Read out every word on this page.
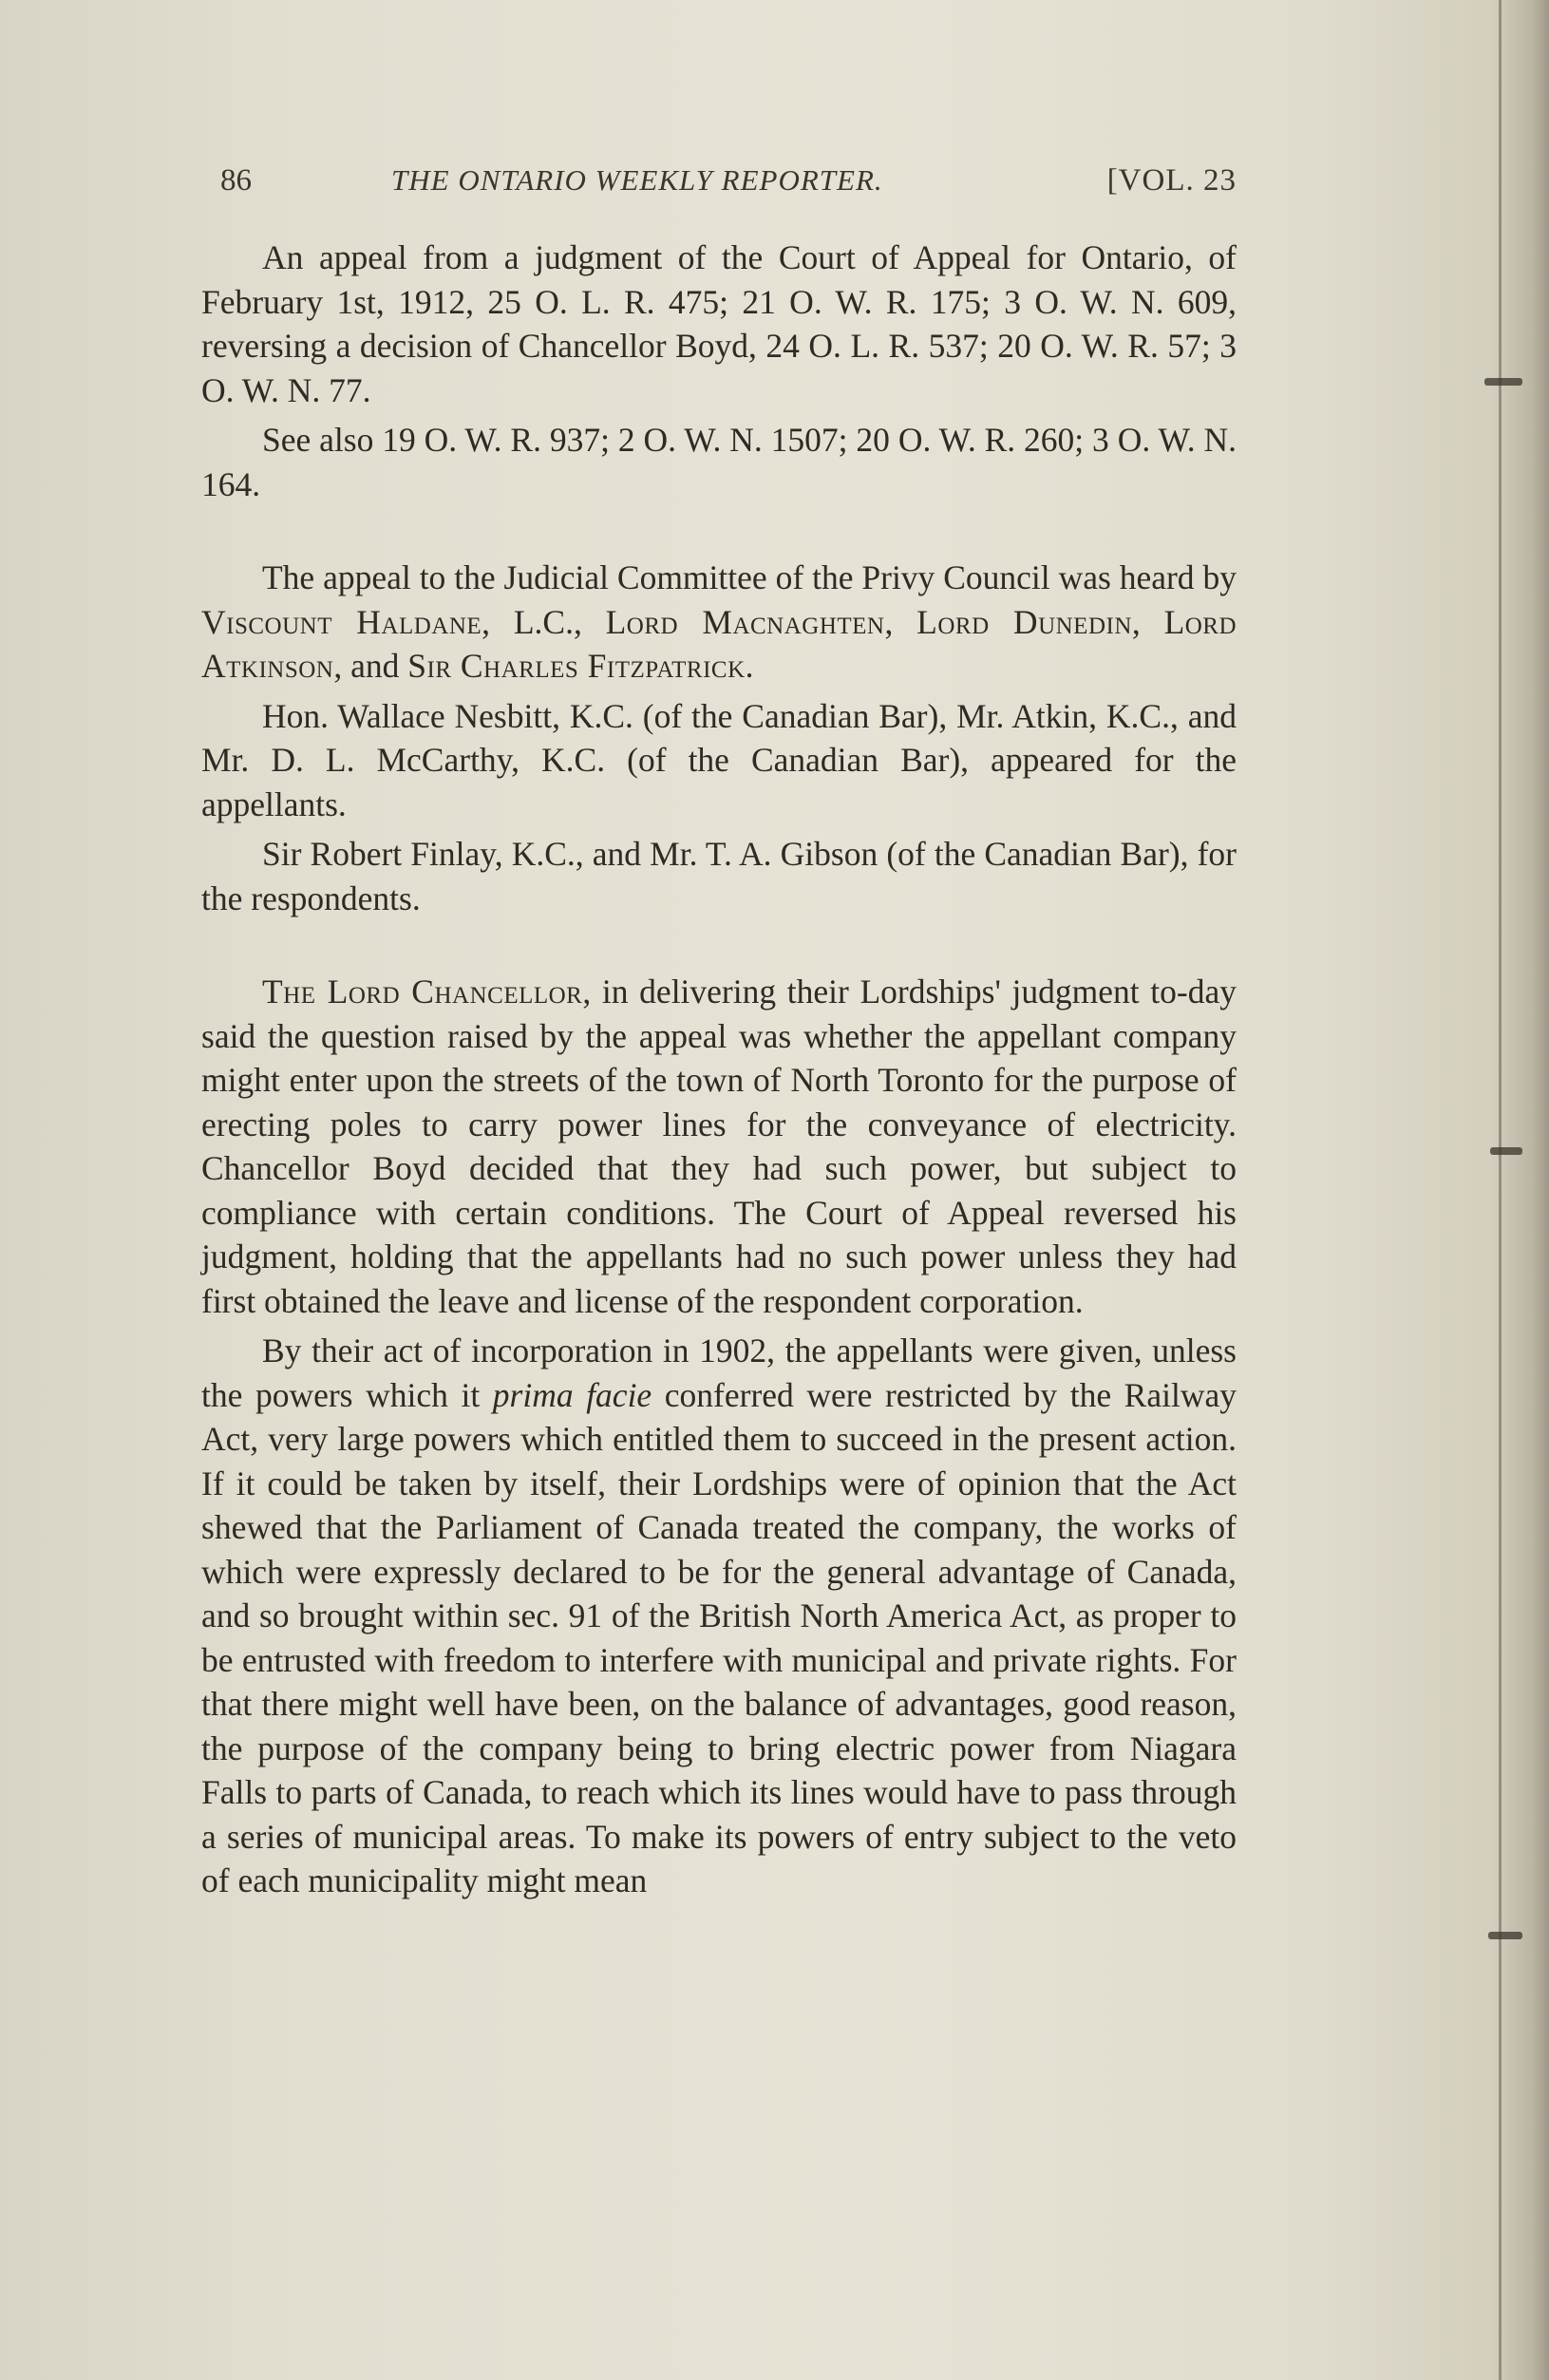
86	THE ONTARIO WEEKLY REPORTER.	[VOL. 23

An appeal from a judgment of the Court of Appeal for Ontario, of February 1st, 1912, 25 O. L. R. 475; 21 O. W. R. 175; 3 O. W. N. 609, reversing a decision of Chancellor Boyd, 24 O. L. R. 537; 20 O. W. R. 57; 3 O. W. N. 77.

See also 19 O. W. R. 937; 2 O. W. N. 1507; 20 O. W. R. 260; 3 O. W. N. 164.

The appeal to the Judicial Committee of the Privy Council was heard by Viscount Haldane, L.C., Lord Macnaghten, Lord Dunedin, Lord Atkinson, and Sir Charles Fitzpatrick.

Hon. Wallace Nesbitt, K.C. (of the Canadian Bar), Mr. Atkin, K.C., and Mr. D. L. McCarthy, K.C. (of the Canadian Bar), appeared for the appellants.

Sir Robert Finlay, K.C., and Mr. T. A. Gibson (of the Canadian Bar), for the respondents.

The Lord Chancellor, in delivering their Lordships' judgment to-day said the question raised by the appeal was whether the appellant company might enter upon the streets of the town of North Toronto for the purpose of erecting poles to carry power lines for the conveyance of electricity. Chancellor Boyd decided that they had such power, but subject to compliance with certain conditions. The Court of Appeal reversed his judgment, holding that the appellants had no such power unless they had first obtained the leave and license of the respondent corporation.

By their act of incorporation in 1902, the appellants were given, unless the powers which it prima facie conferred were restricted by the Railway Act, very large powers which entitled them to succeed in the present action. If it could be taken by itself, their Lordships were of opinion that the Act shewed that the Parliament of Canada treated the company, the works of which were expressly declared to be for the general advantage of Canada, and so brought within sec. 91 of the British North America Act, as proper to be entrusted with freedom to interfere with municipal and private rights. For that there might well have been, on the balance of advantages, good reason, the purpose of the company being to bring electric power from Niagara Falls to parts of Canada, to reach which its lines would have to pass through a series of municipal areas. To make its powers of entry subject to the veto of each municipality might mean
